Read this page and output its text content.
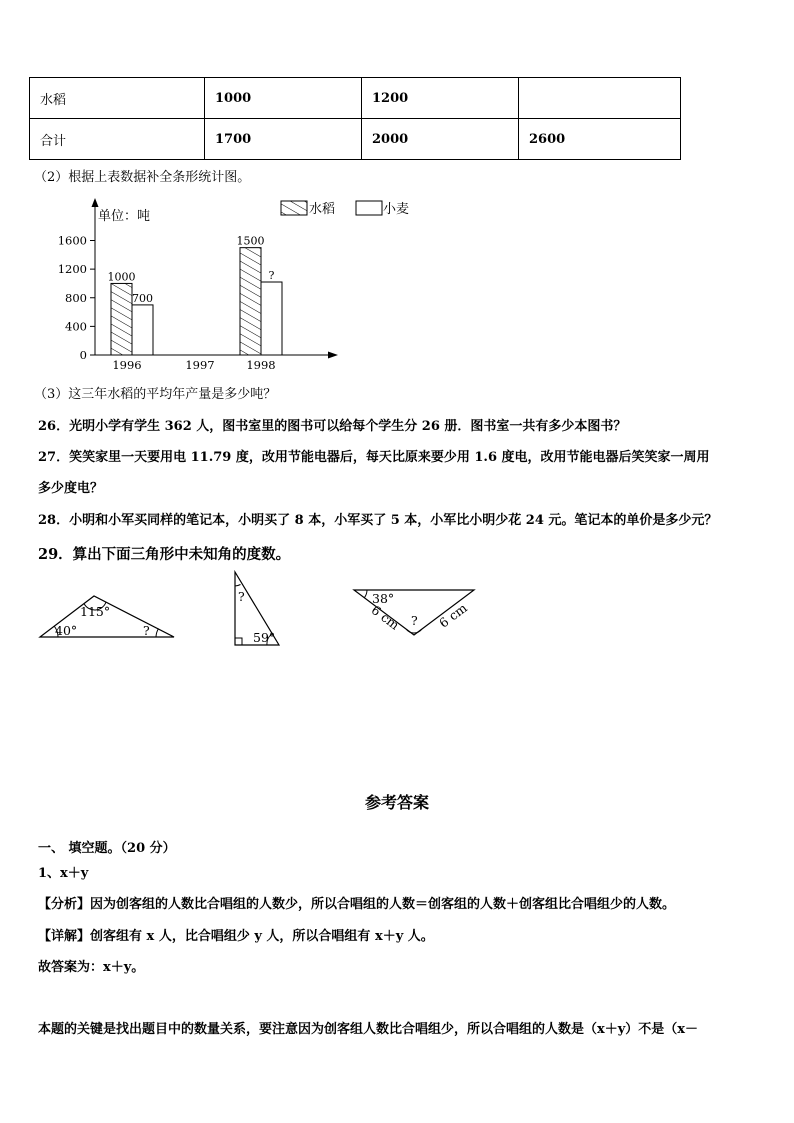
水稻	1000	1200	
合计	1700	2000	2600
（2）根据上表数据补全条形统计图。
单位：吨	水稻	小麦
0
400
800
1200
1600
1996
1000
700
1997	1998
1500
?
（3）这三年水稻的平均年产量是多少吨？
26．光明小学有学生 362 人，图书室里的图书可以给每个学生分 26 册．图书室一共有多少本图书？
27．笑笑家里一天要用电 11.79 度，改用节能电器后，每天比原来要少用 1.6 度电，改用节能电器后笑笑家一周用
多少度电？
28．小明和小军买同样的笔记本，小明买了 8 本，小军买了 5 本，小军比小明少花 24 元。笔记本的单价是多少元？
29．算出下面三角形中未知角的度数。
115°
40°	?
?
59°
38°
?
6 cm	6 cm
参考答案
一、 填空题。（20 分）
1、x＋y
【分析】因为创客组的人数比合唱组的人数少，所以合唱组的人数＝创客组的人数＋创客组比合唱组少的人数。
【详解】创客组有 x 人，比合唱组少 y 人，所以合唱组有 x＋y 人。
故答案为：x＋y。
本题的关键是找出题目中的数量关系，要注意因为创客组人数比合唱组少，所以合唱组的人数是（x＋y）不是（x－
